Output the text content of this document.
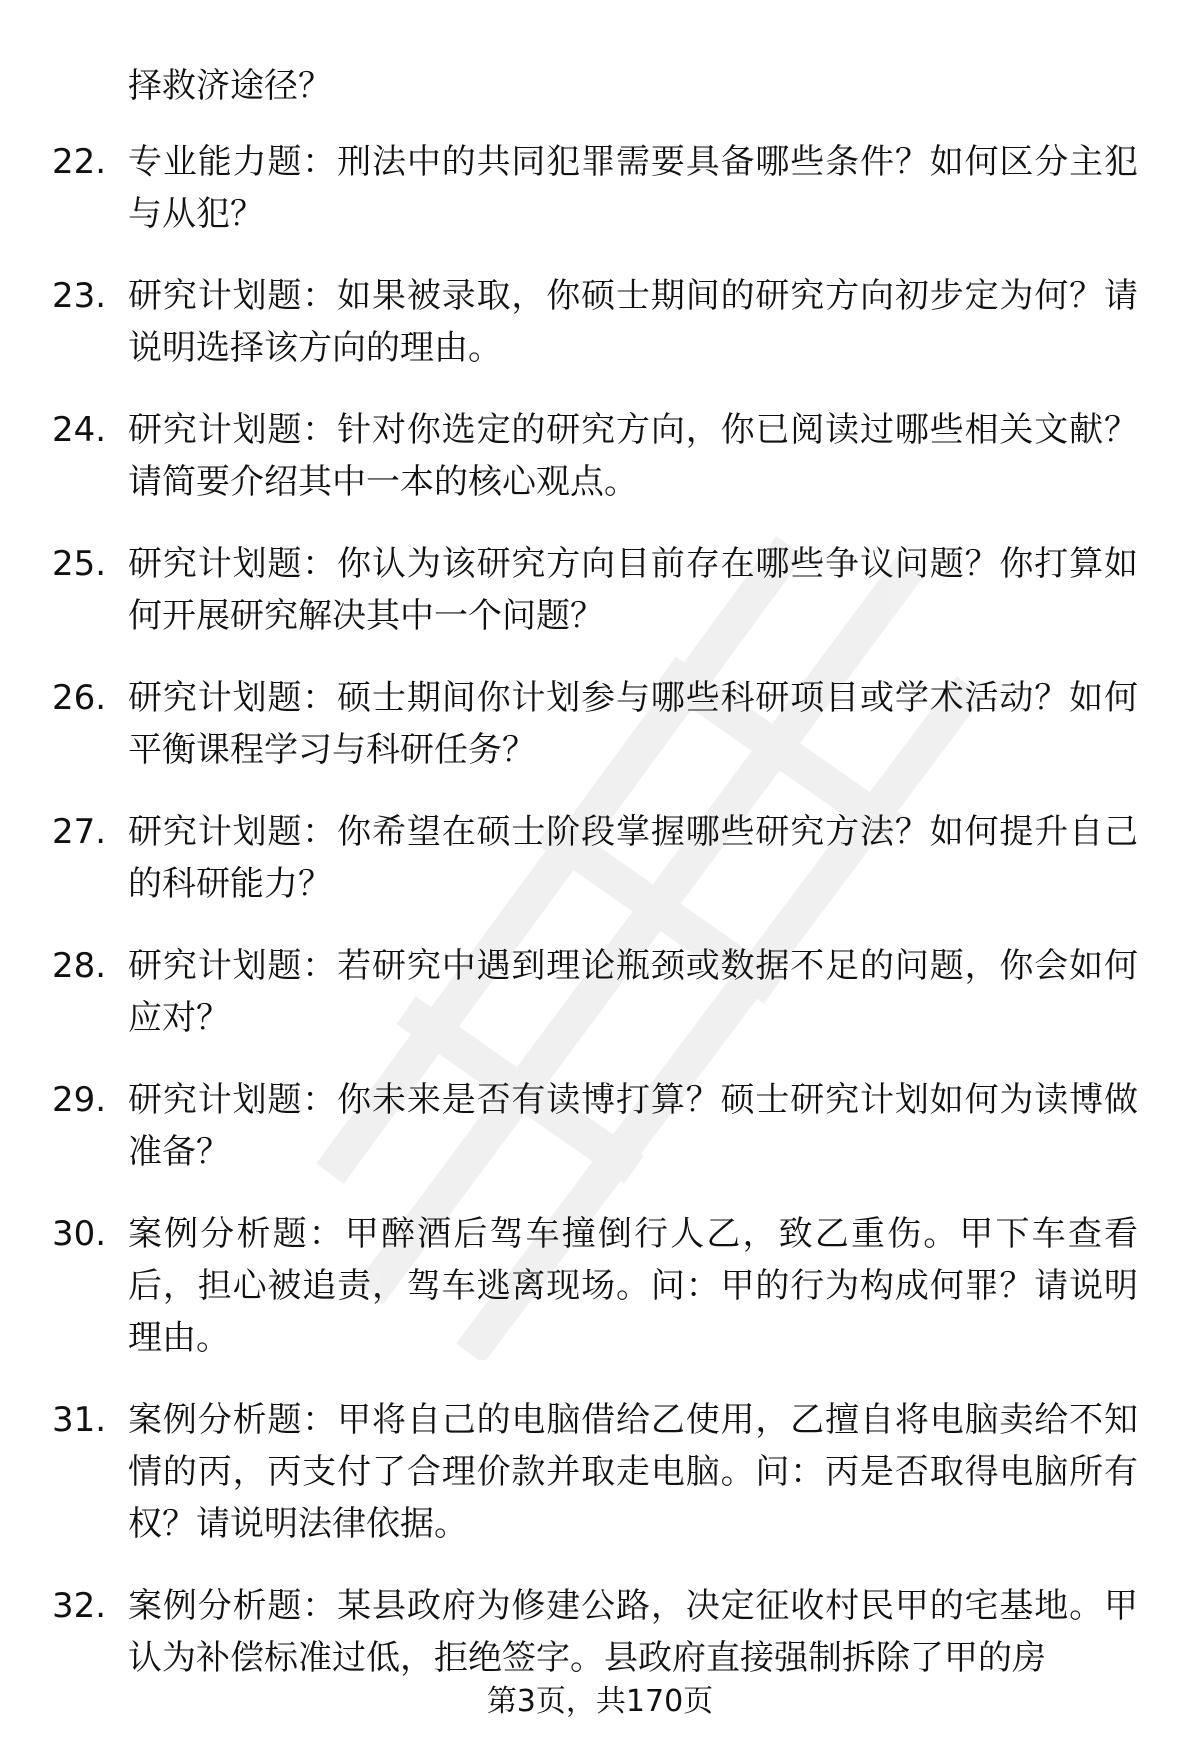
择救济途径？
22. 专业能力题：刑法中的共同犯罪需要具备哪些条件？如何区分主犯与从犯？
23. 研究计划题：如果被录取，你硕士期间的研究方向初步定为何？请说明选择该方向的理由。
24. 研究计划题：针对你选定的研究方向，你已阅读过哪些相关文献？请简要介绍其中一本的核心观点。
25. 研究计划题：你认为该研究方向目前存在哪些争议问题？你打算如何开展研究解决其中一个问题？
26. 研究计划题：硕士期间你计划参与哪些科研项目或学术活动？如何平衡课程学习与科研任务？
27. 研究计划题：你希望在硕士阶段掌握哪些研究方法？如何提升自己的科研能力？
28. 研究计划题：若研究中遇到理论瓶颈或数据不足的问题，你会如何应对？
29. 研究计划题：你未来是否有读博打算？硕士研究计划如何为读博做准备？
30. 案例分析题：甲醉酒后驾车撞倒行人乙，致乙重伤。甲下车查看后，担心被追责，驾车逃离现场。问：甲的行为构成何罪？请说明理由。
31. 案例分析题：甲将自己的电脑借给乙使用，乙擅自将电脑卖给不知情的丙，丙支付了合理价款并取走电脑。问：丙是否取得电脑所有权？请说明法律依据。
32. 案例分析题：某县政府为修建公路，决定征收村民甲的宅基地。甲认为补偿标准过低，拒绝签字。县政府直接强制拆除了甲的房
第3页，共170页
